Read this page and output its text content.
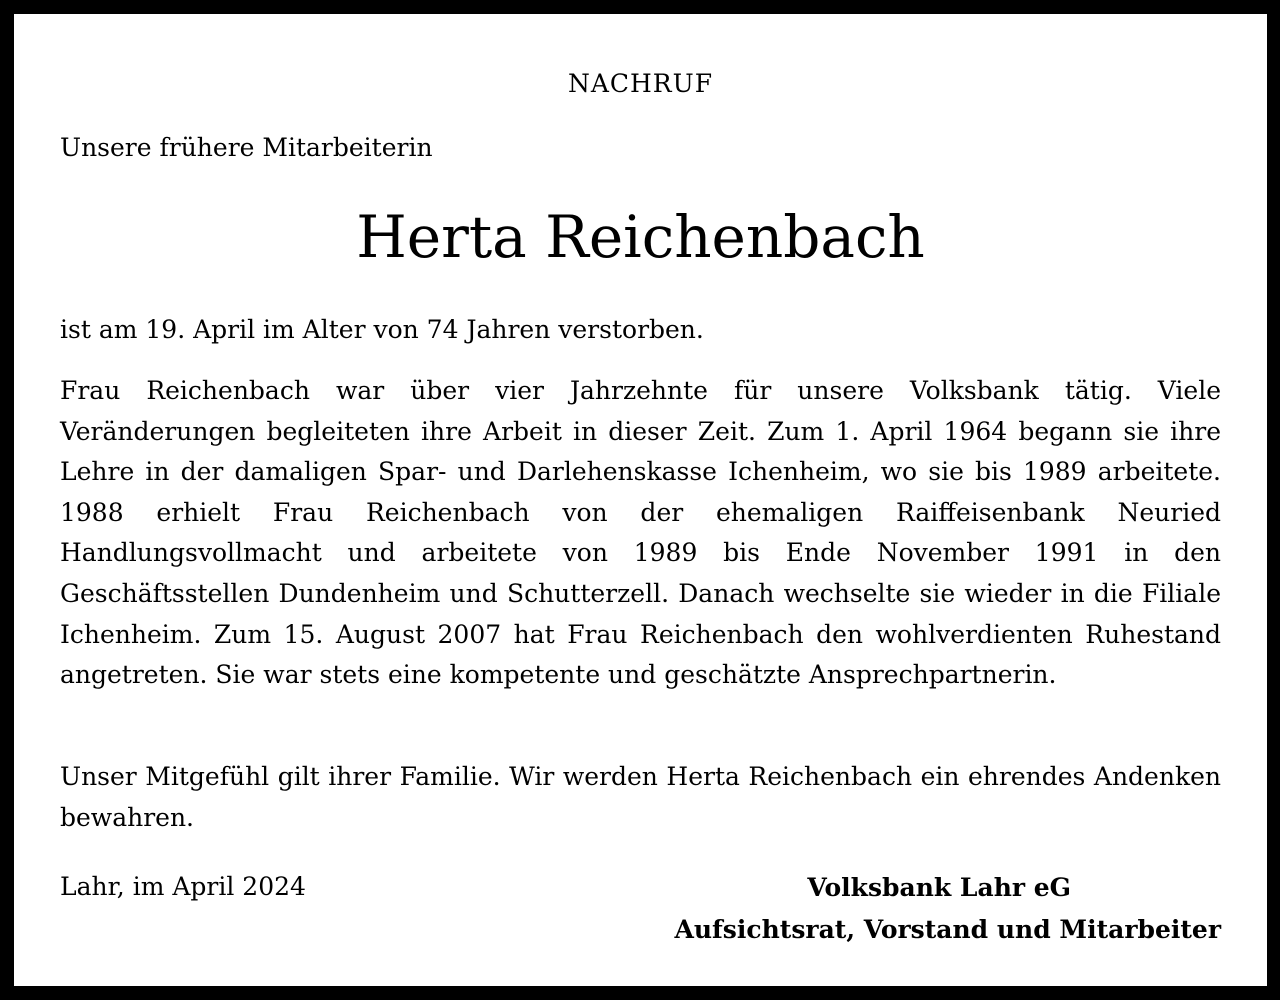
NACHRUF
Unsere frühere Mitarbeiterin
Herta Reichenbach

ist am 19. April im Alter von 74 Jahren verstorben.

Frau Reichenbach war über vier Jahrzehnte für unsere Volksbank tätig. Viele Veränderungen begleiteten ihre Arbeit in dieser Zeit. Zum 1. April 1964 begann sie ihre Lehre in der damaligen Spar- und Darlehenskasse Ichenheim, wo sie bis 1989 arbeitete. 1988 erhielt Frau Reichenbach von der ehemaligen Raiffeisenbank Neuried Handlungsvollmacht und arbeitete von 1989 bis Ende November 1991 in den Geschäftsstellen Dundenheim und Schutterzell. Danach wechselte sie wieder in die Filiale Ichenheim. Zum 15. August 2007 hat Frau Reichenbach den wohlverdienten Ruhestand angetreten. Sie war stets eine kompetente und geschätzte Ansprechpartnerin.

Unser Mitgefühl gilt ihrer Familie. Wir werden Herta Reichenbach ein ehrendes Andenken bewahren.

Lahr, im April 2024	Volksbank Lahr eG
Aufsichtsrat, Vorstand und Mitarbeiter
